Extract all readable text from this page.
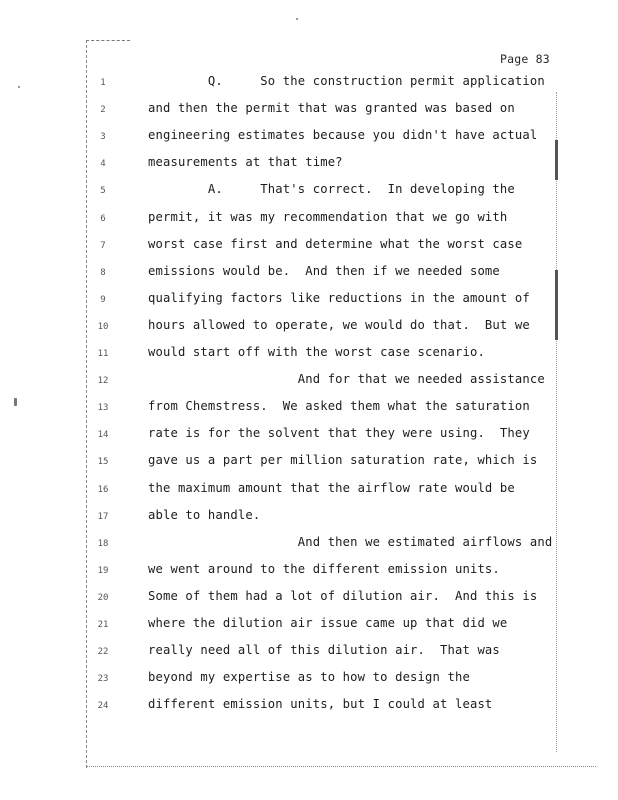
Page 83
1	Q.     So the construction permit application
2	and then the permit that was granted was based on
3	engineering estimates because you didn't have actual
4	measurements at that time?
5	A.     That's correct.  In developing the
6	permit, it was my recommendation that we go with
7	worst case first and determine what the worst case
8	emissions would be.  And then if we needed some
9	qualifying factors like reductions in the amount of
10	hours allowed to operate, we would do that.  But we
11	would start off with the worst case scenario.
12	And for that we needed assistance
13	from Chemstress.  We asked them what the saturation
14	rate is for the solvent that they were using.  They
15	gave us a part per million saturation rate, which is
16	the maximum amount that the airflow rate would be
17	able to handle.
18	And then we estimated airflows and
19	we went around to the different emission units.
20	Some of them had a lot of dilution air.  And this is
21	where the dilution air issue came up that did we
22	really need all of this dilution air.  That was
23	beyond my expertise as to how to design the
24	different emission units, but I could at least
